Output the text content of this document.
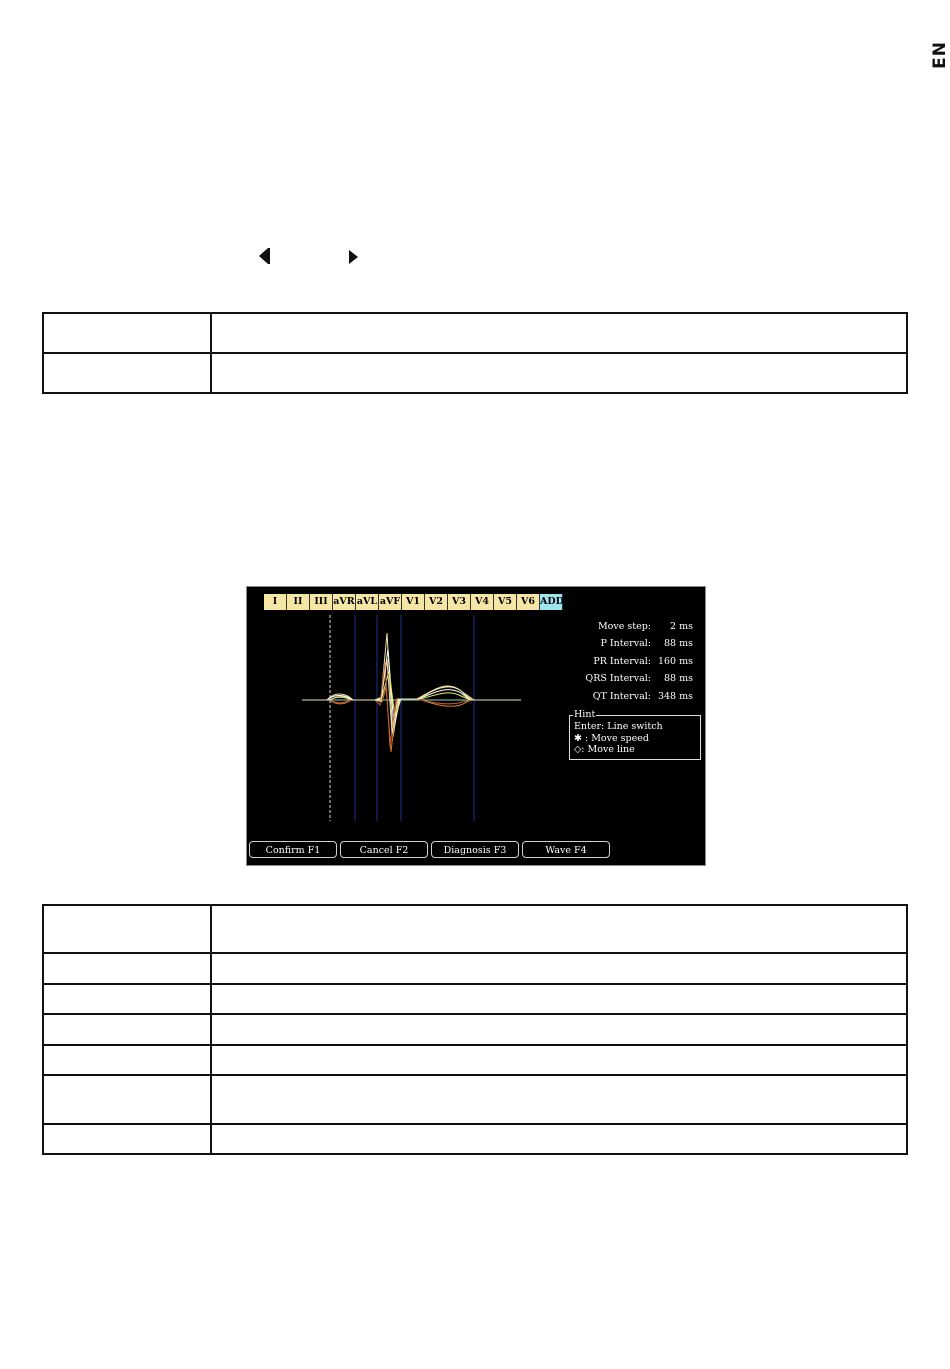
EN

I	II	III aVR aVL aVF V1 V2 V3 V4 V5 V6 ADD
Move step:	2 ms
P Interval:	88 ms
PR Interval: 160 ms
QRS Interval:	88 ms
QT Interval: 348 ms
Hint
Enter: Line switch
✱ : Move speed
◇: Move line
Confirm F1	Cancel F2	Diagnosis F3	Wave F4
